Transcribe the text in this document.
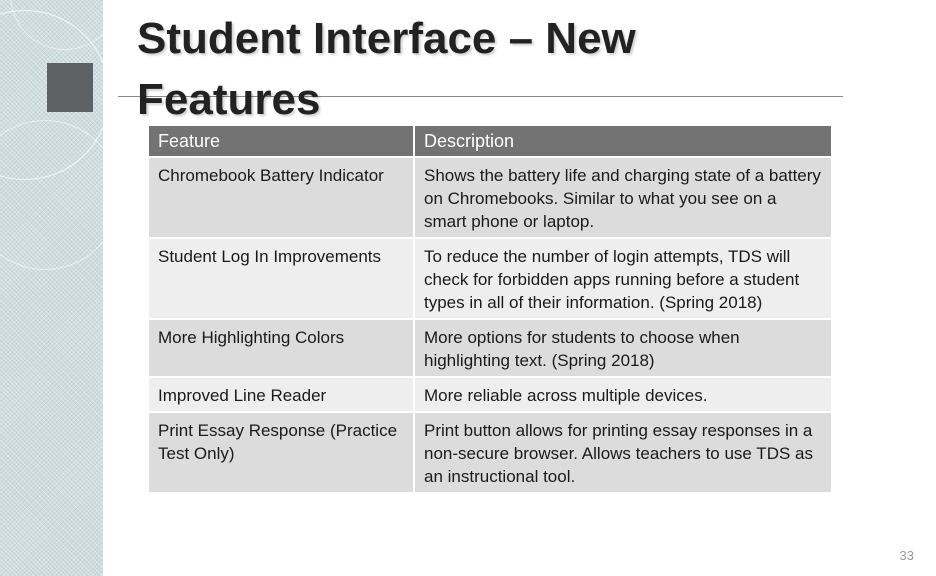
Student Interface – New Features
Feature	Description
Chromebook Battery Indicator	Shows the battery life and charging state of a battery on Chromebooks. Similar to what you see on a smart phone or laptop.
Student Log In Improvements	To reduce the number of login attempts, TDS will check for forbidden apps running before a student types in all of their information. (Spring 2018)
More Highlighting Colors	More options for students to choose when highlighting text. (Spring 2018)
Improved Line Reader	More reliable across multiple devices.
Print Essay Response (Practice Test Only)	Print button allows for printing essay responses in a non-secure browser. Allows teachers to use TDS as an instructional tool.
33
